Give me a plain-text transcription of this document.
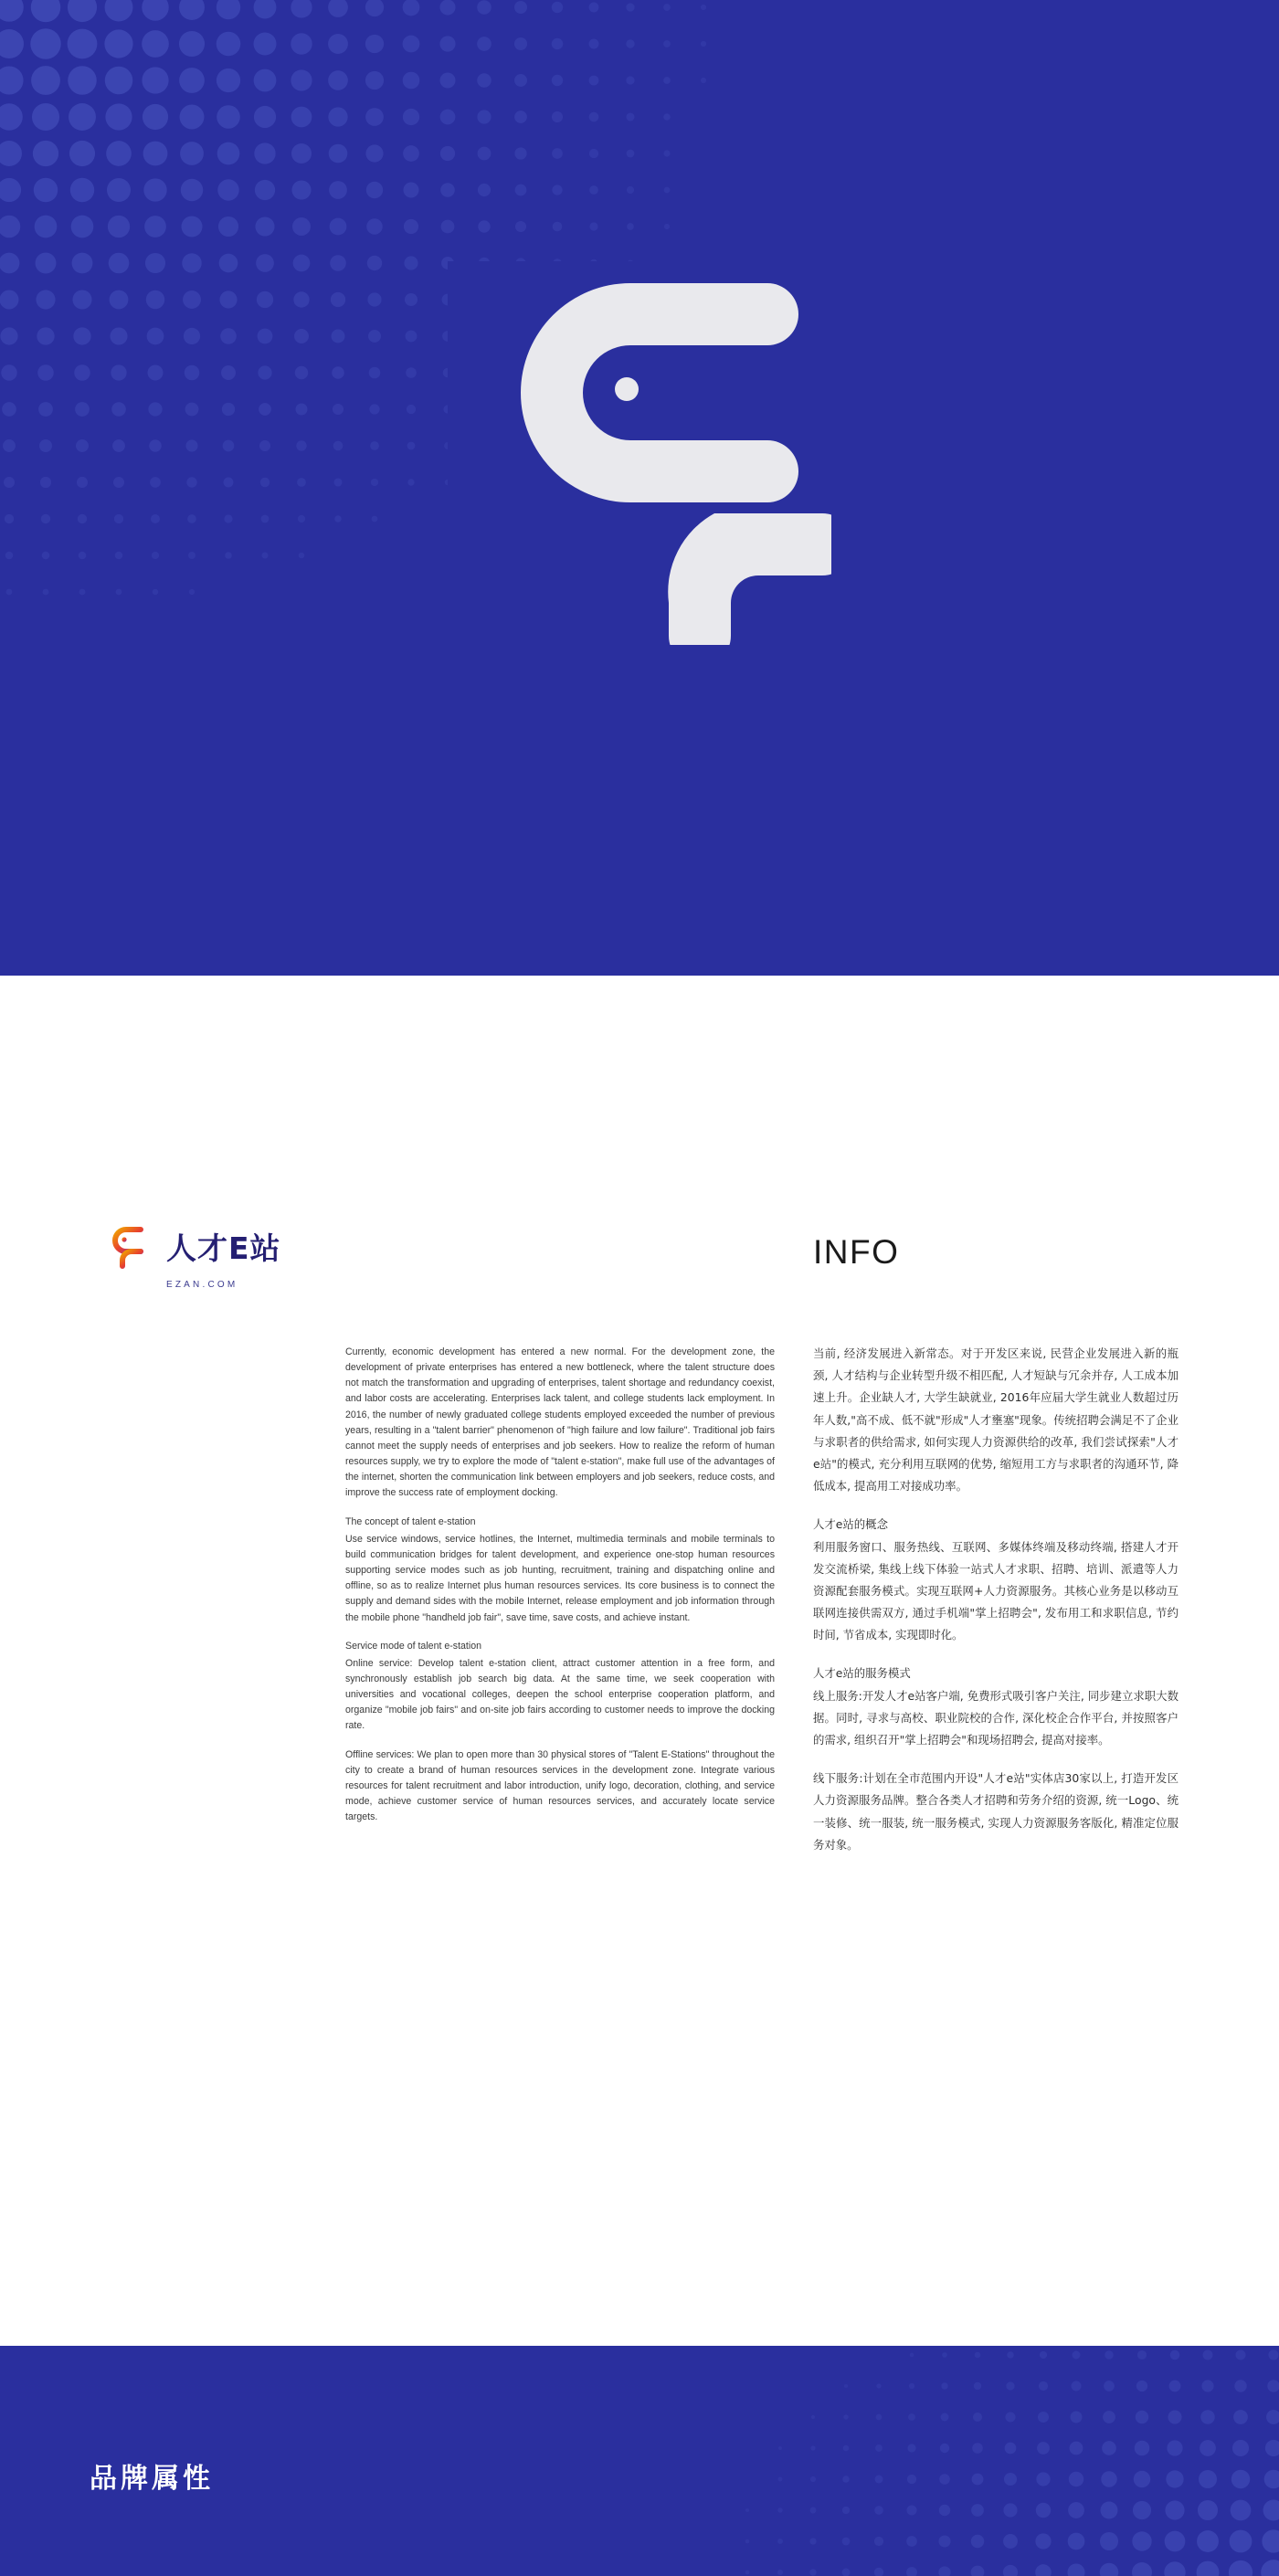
人才E站
EZAN.COM
INFO

Currently, economic development has entered a new normal. For the development zone, the development of private enterprises has entered a new bottleneck, where the talent structure does not match the transformation and upgrading of enterprises, talent shortage and redundancy coexist, and labor costs are accelerating. Enterprises lack talent, and college students lack employment. In 2016, the number of newly graduated college students employed exceeded the number of previous years, resulting in a "talent barrier" phenomenon of "high failure and low failure". Traditional job fairs cannot meet the supply needs of enterprises and job seekers. How to realize the reform of human resources supply, we try to explore the mode of "talent e-station", make full use of the advantages of the internet, shorten the communication link between employers and job seekers, reduce costs, and improve the success rate of employment docking.

The concept of talent e-station

Use service windows, service hotlines, the Internet, multimedia terminals and mobile terminals to build communication bridges for talent development, and experience one-stop human resources supporting service modes such as job hunting, recruitment, training and dispatching online and offline, so as to realize Internet plus human resources services. Its core business is to connect the supply and demand sides with the mobile Internet, release employment and job information through the mobile phone "handheld job fair", save time, save costs, and achieve instant.

Service mode of talent e-station

Online service: Develop talent e-station client, attract customer attention in a free form, and synchronously establish job search big data. At the same time, we seek cooperation with universities and vocational colleges, deepen the school enterprise cooperation platform, and organize "mobile job fairs" and on-site job fairs according to customer needs to improve the docking rate.

Offline services: We plan to open more than 30 physical stores of "Talent E-Stations" throughout the city to create a brand of human resources services in the development zone. Integrate various resources for talent recruitment and labor introduction, unify logo, decoration, clothing, and service mode, achieve customer service of human resources services, and accurately locate service targets.

当前, 经济发展进入新常态。对于开发区来说, 民营企业发展进入新的瓶颈, 人才结构与企业转型升级不相匹配, 人才短缺与冗余并存, 人工成本加速上升。企业缺人才, 大学生缺就业, 2016年应届大学生就业人数超过历年人数,"高不成、低不就"形成"人才壅塞"现象。传统招聘会满足不了企业与求职者的供给需求, 如何实现人力资源供给的改革, 我们尝试探索"人才e站"的模式, 充分利用互联网的优势, 缩短用工方与求职者的沟通环节, 降低成本, 提高用工对接成功率。

人才e站的概念

利用服务窗口、服务热线、互联网、多媒体终端及移动终端, 搭建人才开发交流桥梁, 集线上线下体验一站式人才求职、招聘、培训、派遣等人力资源配套服务模式。实现互联网+人力资源服务。其核心业务是以移动互联网连接供需双方, 通过手机端"掌上招聘会", 发布用工和求职信息, 节约时间, 节省成本, 实现即时化。

人才e站的服务模式

线上服务:开发人才e站客户端, 免费形式吸引客户关注, 同步建立求职大数据。同时, 寻求与高校、职业院校的合作, 深化校企合作平台, 并按照客户的需求, 组织召开"掌上招聘会"和现场招聘会, 提高对接率。

线下服务:计划在全市范围内开设"人才e站"实体店30家以上, 打造开发区人力资源服务品牌。整合各类人才招聘和劳务介绍的资源, 统一Logo、统一装修、统一服装, 统一服务模式, 实现人力资源服务客版化, 精准定位服务对象。

品牌属性
